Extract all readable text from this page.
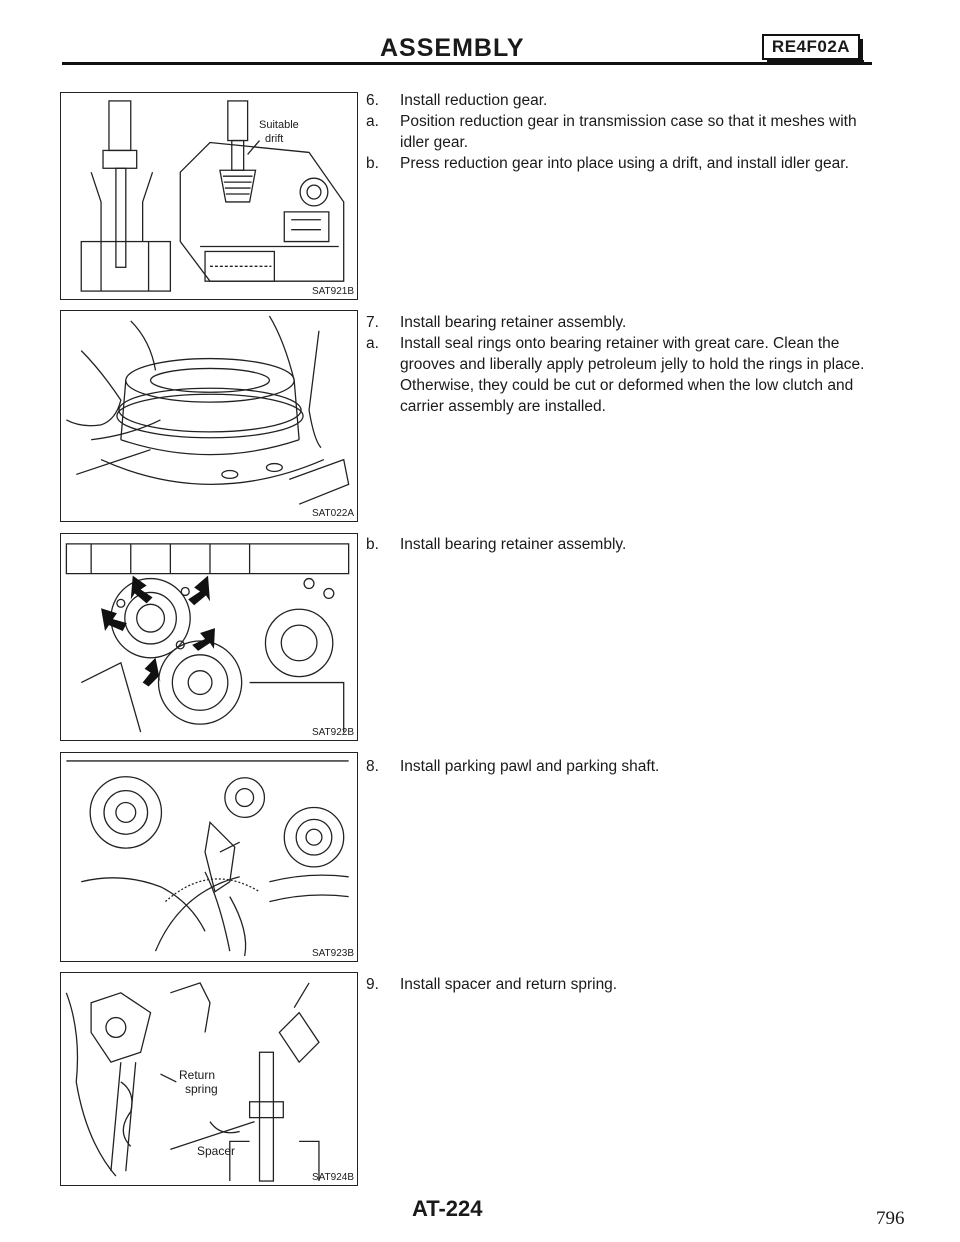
ASSEMBLY	RE4F02A
Suitable
drift
SAT921B
SAT022A
SAT922B
SAT923B
Return
spring
Spacer
SAT924B
6.	Install reduction gear.
a.	Position reduction gear in transmission case so that it meshes with idler gear.
b.	Press reduction gear into place using a drift, and install idler gear.
7.	Install bearing retainer assembly.
a.	Install seal rings onto bearing retainer with great care. Clean the grooves and liberally apply petroleum jelly to hold the rings in place. Otherwise, they could be cut or deformed when the low clutch and carrier assembly are installed.
b.	Install bearing retainer assembly.
8.	Install parking pawl and parking shaft.
9.	Install spacer and return spring.
AT-224	796
